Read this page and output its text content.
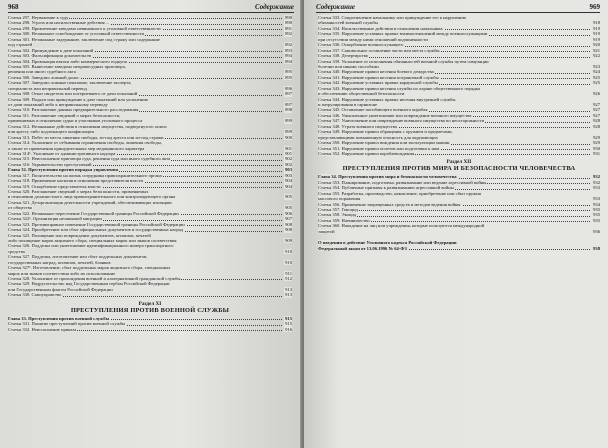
968	Содержание

Статья 297. Неуважение к суду	890
Статья 298. Угроза или насильственные действия ...	890
Статья 299. Привлечение заведомо невиновного к уголовной ответственности	891
Статья 300. Незаконное освобождение от уголовной ответственности	892
Статья 301. Незаконные задержание, заключение под стражу или содержание
под стражей	892
Статья 302. Принуждение к даче показаний	893
Статья 303. Фальсификация доказательств	894
Статья 304. Провокация взятки либо коммерческого подкупа	894
Статья 305. Вынесение заведомо неправосудных приговора,
решения или иного судебного акта	895
Статья 306. Заведомо ложный донос	895
Статья 307. Заведомо ложные показание, заключение эксперта,
специалиста или неправильный перевод	896
Статья 308. Отказ свидетеля или потерпевшего от дачи показаний	897
Статья 309. Подкуп или принуждение к даче показаний или уклонению
от дачи показаний либо к неправильному переводу	897
Статья 310. Разглашение данных предварительного расследования	898
Статья 311. Разглашение сведений о мерах безопасности,
применяемых в отношении судьи и участников уголовного процесса	899
Статья 312. Незаконные действия в отношении имущества, подвергнутого описи
или аресту либо подлежащего конфискации	899
Статья 313. Побег из места лишения свободы, из-под ареста или из-под стражи	900
Статья 314. Уклонение от отбывания ограничения свободы, лишения свободы,
а также от применения принудительных мер медицинского характера	901
Статья 314¹. Уклонение от административного надзора	901
Статья 315. Неисполнение приговора суда, решения суда или иного судебного акта	902
Статья 316. Укрывательство преступлений	902
Глава 32. Преступления против порядка управления	903
Статья 317. Посягательство на жизнь сотрудника правоохранительного органа	903
Статья 318. Применение насилия в отношении представителя власти	904
Статья 319. Оскорбление представителя власти	904
Статья 320. Разглашение сведений о мерах безопасности, применяемых
в отношении должностного лица правоохранительного или контролирующего органа	905
Статья 321. Дезорганизация деятельности учреждений, обеспечивающих изоляцию
от общества	905
Статья 322. Незаконное пересечение Государственной границы Российской Федерации	906
Статья 322¹. Организация незаконной миграции	907
Статья 323. Противоправное изменение Государственной границы Российской Федерации	908
Статья 324. Приобретение или сбыт официальных документов и государственных наград	908
Статья 325. Похищение или повреждение документов, штампов, печатей
либо похищение марок акцизного сбора, специальных марок или знаков соответствия	909
Статья 326. Подделка или уничтожение идентификационного номера транспортного
средства	910
Статья 327. Подделка, изготовление или сбыт поддельных документов,
государственных наград, штампов, печатей, бланков	910
Статья 327¹. Изготовление, сбыт поддельных марок акцизного сбора, специальных
марок или знаков соответствия либо их использование	911
Статья 328. Уклонение от прохождения военной и альтернативной гражданской службы	912
Статья 329. Надругательство над Государственным гербом Российской Федерации
или Государственным флагом Российской Федерации	913
Статья 330. Самоуправство	913
Раздел XI
ПРЕСТУПЛЕНИЯ ПРОТИВ ВОЕННОЙ СЛУЖБЫ
Глава 33. Преступления против военной службы	915
Статья 331. Понятие преступлений против военной службы	915
Статья 332. Неисполнение приказа	916
Содержание	969

Статья 333. Сопротивление начальнику или принуждение его к нарушению
обязанностей военной службы	918
Статья 334. Насильственные действия в отношении начальника	919
Статья 335. Нарушение уставных правил взаимоотношений между военнослужащими	919
при отсутствии между ними отношений подчиненности	919
Статья 336. Оскорбление военнослужащего	920
Статья 337. Самовольное оставление части или места службы	921
Статья 338. Дезертирство	922
Статья 339. Уклонение от исполнения обязанностей военной службы путем симуляции
болезни или иными способами	923
Статья 340. Нарушение правил несения боевого дежурства	924
Статья 341. Нарушение правил несения пограничной службы	925
Статья 342. Нарушение уставных правил караульной службы	925
Статья 343. Нарушение правил несения службы по охране общественного порядка
и обеспечению общественной безопасности	926
Статья 344. Нарушение уставных правил несения внутренней службы
и патрулирования в гарнизоне	927
Статья 345. Оставление погибающего военного корабля	927
Статья 346. Умышленное уничтожение или повреждение военного имущества	927
Статья 347. Уничтожение или повреждение военного имущества по неосторожности	928
Статья 348. Утрата военного имущества	928
Статья 349. Нарушение правил обращения с оружием и предметами,
представляющими повышенную опасность для окружающих	929
Статья 350. Нарушение правил вождения или эксплуатации машин	929
Статья 351. Нарушение правил полетов или подготовки к ним	930
Статья 352. Нарушение правил кораблевождения	931
Раздел XII
ПРЕСТУПЛЕНИЯ ПРОТИВ МИРА И БЕЗОПАСНОСТИ ЧЕЛОВЕЧЕСТВА
Глава 34. Преступления против мира и безопасности человечества	932
Статья 353. Планирование, подготовка, развязывание или ведение агрессивной войны	932
Статья 354. Публичные призывы к развязыванию агрессивной войны	933
Статья 355. Разработка, производство, накопление, приобретение или сбыт оружия
массового поражения	933
Статья 356. Применение запрещенных средств и методов ведения войны	934
Статья 357. Геноцид	935
Статья 358. Экоцид	935
Статья 359. Наемничество	935
Статья 360. Нападение на лиц или учреждения, которые пользуются международной
защитой	936
О введении в действие Уголовного кодекса Российской Федерации
Федеральный закон от 13.06.1996 № 64-ФЗ	938
